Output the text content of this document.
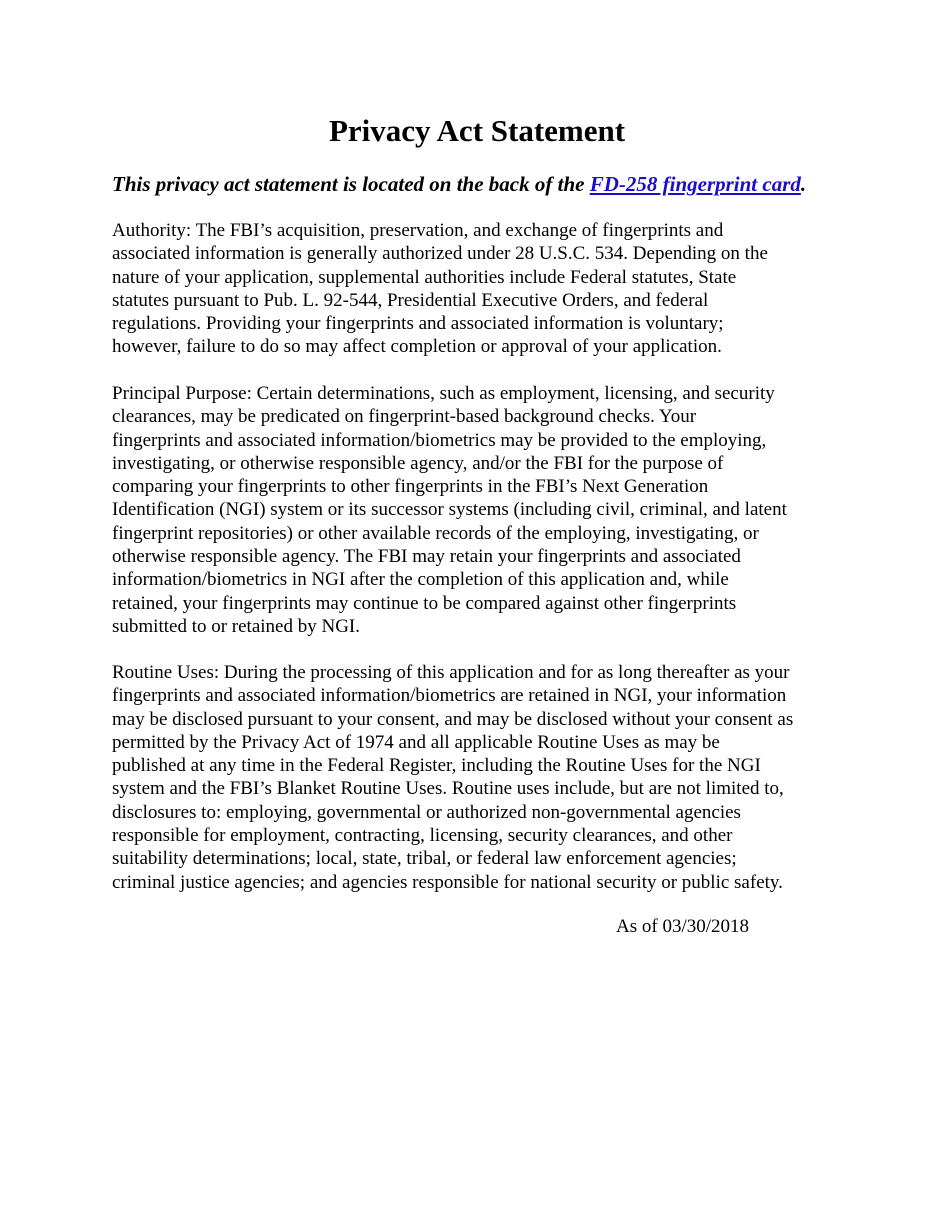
Privacy Act Statement

This privacy act statement is located on the back of the FD-258 fingerprint card.

Authority: The FBI’s acquisition, preservation, and exchange of fingerprints and
associated information is generally authorized under 28 U.S.C. 534. Depending on the
nature of your application, supplemental authorities include Federal statutes, State
statutes pursuant to Pub. L. 92-544, Presidential Executive Orders, and federal
regulations. Providing your fingerprints and associated information is voluntary;
however, failure to do so may affect completion or approval of your application.

Principal Purpose: Certain determinations, such as employment, licensing, and security
clearances, may be predicated on fingerprint-based background checks. Your
fingerprints and associated information/biometrics may be provided to the employing,
investigating, or otherwise responsible agency, and/or the FBI for the purpose of
comparing your fingerprints to other fingerprints in the FBI’s Next Generation
Identification (NGI) system or its successor systems (including civil, criminal, and latent
fingerprint repositories) or other available records of the employing, investigating, or
otherwise responsible agency. The FBI may retain your fingerprints and associated
information/biometrics in NGI after the completion of this application and, while
retained, your fingerprints may continue to be compared against other fingerprints
submitted to or retained by NGI.

Routine Uses: During the processing of this application and for as long thereafter as your
fingerprints and associated information/biometrics are retained in NGI, your information
may be disclosed pursuant to your consent, and may be disclosed without your consent as
permitted by the Privacy Act of 1974 and all applicable Routine Uses as may be
published at any time in the Federal Register, including the Routine Uses for the NGI
system and the FBI’s Blanket Routine Uses. Routine uses include, but are not limited to,
disclosures to: employing, governmental or authorized non-governmental agencies
responsible for employment, contracting, licensing, security clearances, and other
suitability determinations; local, state, tribal, or federal law enforcement agencies;
criminal justice agencies; and agencies responsible for national security or public safety.

As of 03/30/2018
